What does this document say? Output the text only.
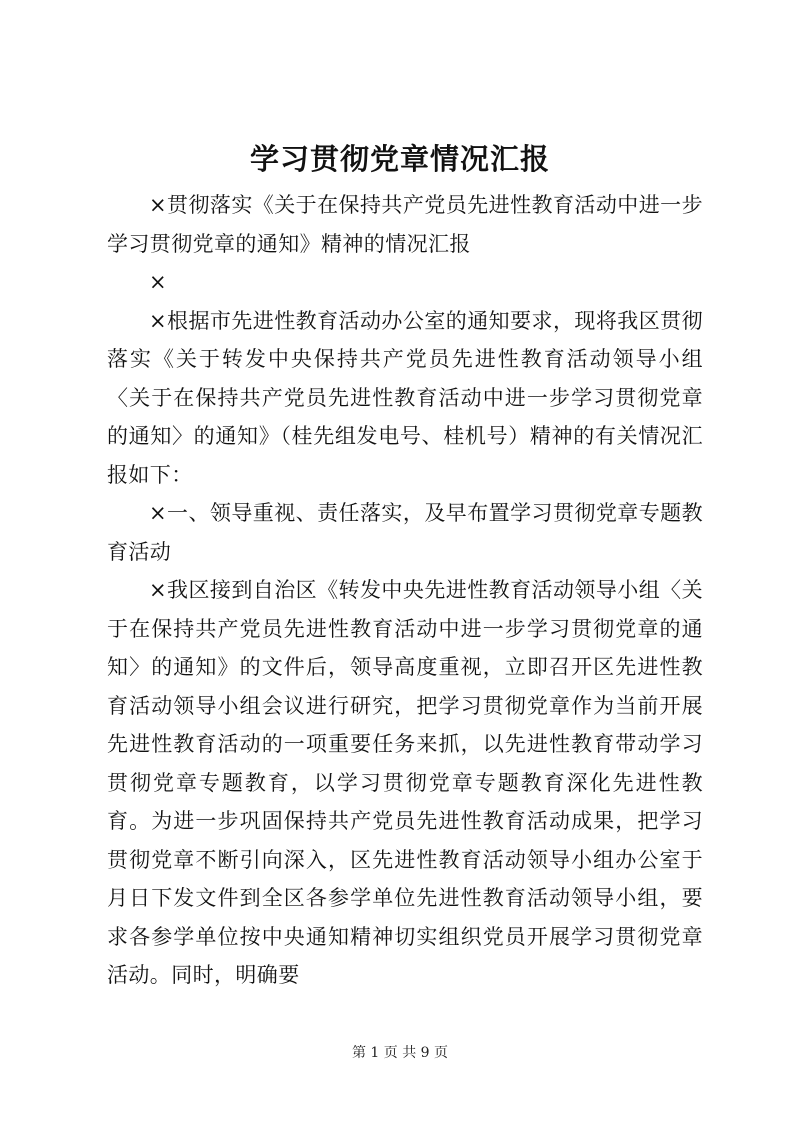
学习贯彻党章情况汇报

×贯彻落实《关于在保持共产党员先进性教育活动中进一步学习贯彻党章的通知》精神的情况汇报

×

×根据市先进性教育活动办公室的通知要求，现将我区贯彻落实《关于转发中央保持共产党员先进性教育活动领导小组〈关于在保持共产党员先进性教育活动中进一步学习贯彻党章的通知〉的通知》（桂先组发电号、桂机号）精神的有关情况汇报如下：

×一、领导重视、责任落实，及早布置学习贯彻党章专题教育活动

×我区接到自治区《转发中央先进性教育活动领导小组〈关于在保持共产党员先进性教育活动中进一步学习贯彻党章的通知〉的通知》的文件后，领导高度重视，立即召开区先进性教育活动领导小组会议进行研究，把学习贯彻党章作为当前开展先进性教育活动的一项重要任务来抓，以先进性教育带动学习贯彻党章专题教育，以学习贯彻党章专题教育深化先进性教育。为进一步巩固保持共产党员先进性教育活动成果，把学习贯彻党章不断引向深入，区先进性教育活动领导小组办公室于月日下发文件到全区各参学单位先进性教育活动领导小组，要求各参学单位按中央通知精神切实组织党员开展学习贯彻党章活动。同时，明确要

第 1 页 共 9 页
